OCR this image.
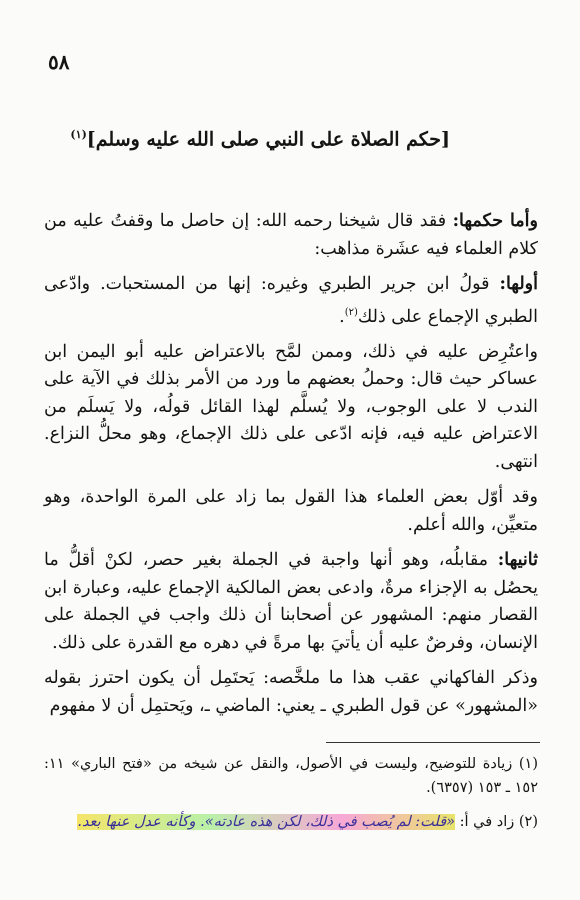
٥٨
[حكم الصلاة على النبي صلى الله عليه وسلم]$^{(١)}$

وأما حكمها: فقد قال شيخنا رحمه الله: إن حاصل ما وقفتُ عليه من كلام العلماء فيه عشَرة مذاهب:

أولها: قولُ ابن جرير الطبري وغيره: إنها من المستحبات. وادّعى الطبري الإجماع على ذلك$^{(٢)}$.

واعتُرِض عليه في ذلك، وممن لمَّح بالاعتراض عليه أبو اليمن ابن عساكر حيث قال: وحملُ بعضهم ما ورد من الأمر بذلك في الآية على الندب لا على الوجوب، ولا يُسلَّم لهذا القائل قولُه، ولا يَسلَم من الاعتراض عليه فيه، فإنه ادّعى على ذلك الإجماع، وهو محلُّ النزاع. انتهى.

وقد أوّل بعض العلماء هذا القول بما زاد على المرة الواحدة، وهو متعيِّن، والله أعلم.

ثانيها: مقابلُه، وهو أنها واجبة في الجملة بغير حصر، لكنْ أقلُّ ما يحصُل به الإجزاء مرةٌ، وادعى بعض المالكية الإجماع عليه، وعبارة ابن القصار منهم: المشهور عن أصحابنا أن ذلك واجب في الجملة على الإنسان، وفرضٌ عليه أن يأتيَ بها مرةً في دهره مع القدرة على ذلك.

وذكر الفاكهاني عقب هذا ما ملخَّصه: يَحتَمِل أن يكون احترز بقوله «المشهور» عن قول الطبري ـ يعني: الماضي ـ، ويَحتمِل أن لا مفهوم

(١) زيادة للتوضيح، وليست في الأصول، والنقل عن شيخه من «فتح الباري» ١١: ١٥٢ ـ ١٥٣ (٦٣٥٧).

(٢) زاد في أ: «قلت: لم يُصب في ذلك، لكن هذه عادته». وكأنه عدل عنها بعد.
